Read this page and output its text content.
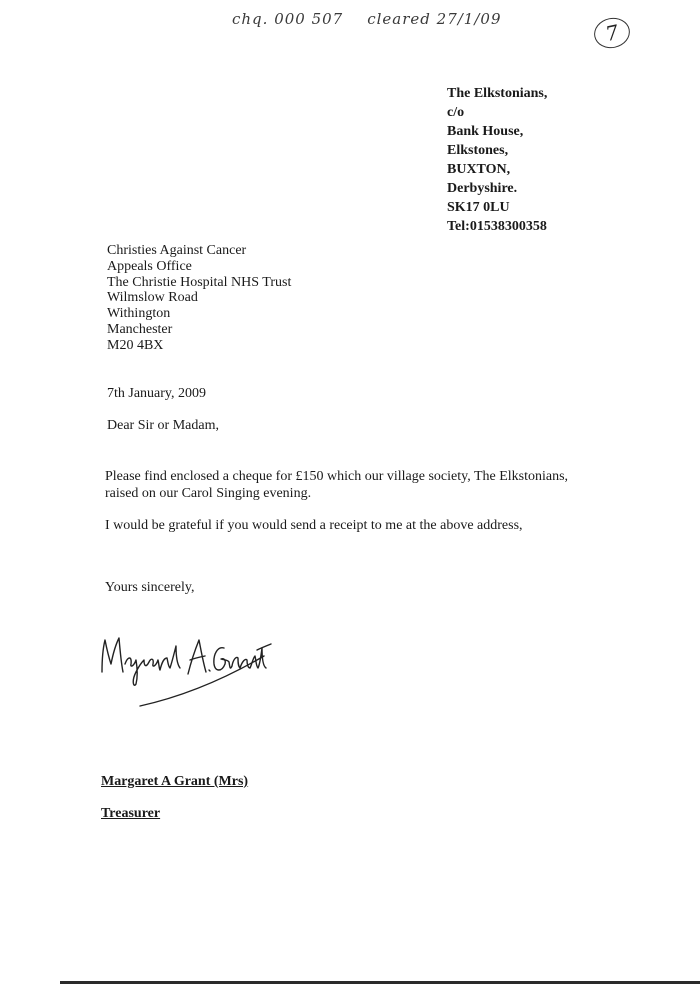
chq. 000 507 cleared 27/1/09
7
The Elkstonians,
c/o
Bank House,
Elkstones,
BUXTON,
Derbyshire.
SK17 0LU
Tel:01538300358
Christies Against Cancer
Appeals Office
The Christie Hospital NHS Trust
Wilmslow Road
Withington
Manchester
M20 4BX
7th January, 2009
Dear Sir or Madam,
Please find enclosed a cheque for £150 which our village society, The Elkstonians,
raised on our Carol Singing evening.
I would be grateful if you would send a receipt to me at the above address,
Yours sincerely,
Margaret A Grant (Mrs)
Treasurer
